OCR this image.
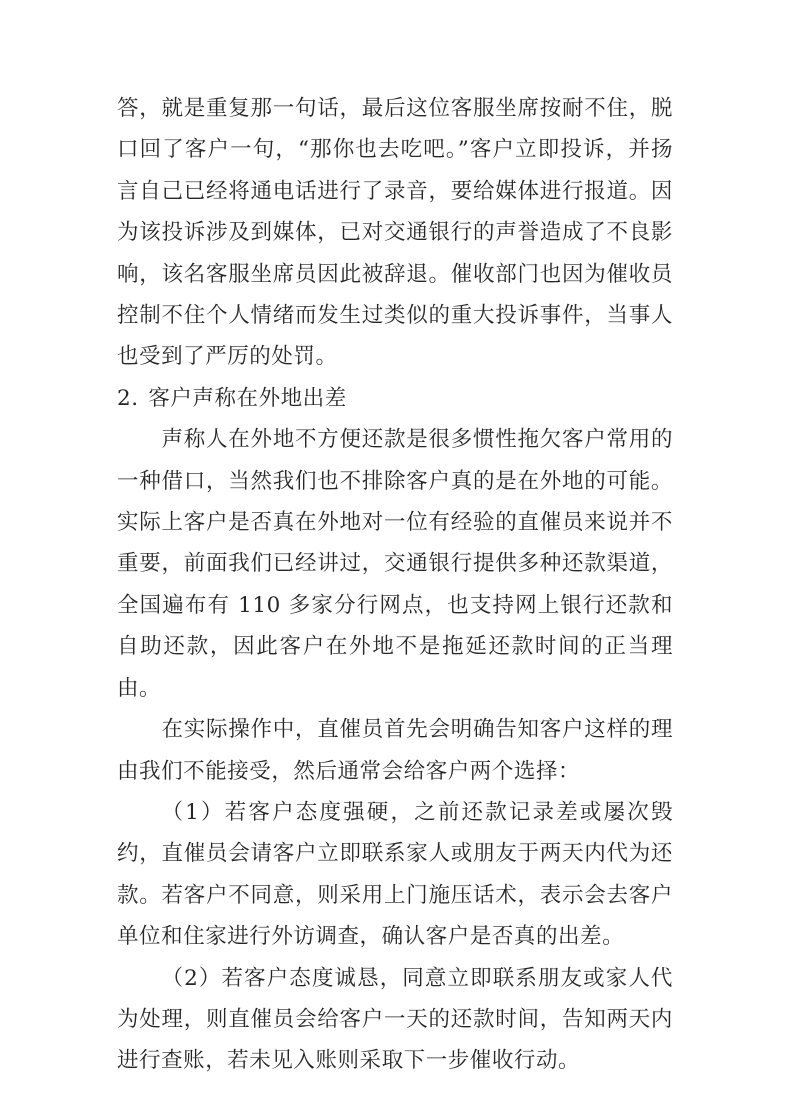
答，就是重复那一句话，最后这位客服坐席按耐不住，脱口回了客户一句，“那你也去吃吧。”客户立即投诉，并扬言自己已经将通电话进行了录音，要给媒体进行报道。因为该投诉涉及到媒体，已对交通银行的声誉造成了不良影响，该名客服坐席员因此被辞退。催收部门也因为催收员控制不住个人情绪而发生过类似的重大投诉事件，当事人也受到了严厉的处罚。

2.   客户声称在外地出差

声称人在外地不方便还款是很多惯性拖欠客户常用的一种借口，当然我们也不排除客户真的是在外地的可能。实际上客户是否真在外地对一位有经验的直催员来说并不重要，前面我们已经讲过，交通银行提供多种还款渠道，全国遍布有 110 多家分行网点，也支持网上银行还款和自助还款，因此客户在外地不是拖延还款时间的正当理由。

在实际操作中，直催员首先会明确告知客户这样的理由我们不能接受，然后通常会给客户两个选择：

（1）若客户态度强硬，之前还款记录差或屡次毁约，直催员会请客户立即联系家人或朋友于两天内代为还款。若客户不同意，则采用上门施压话术，表示会去客户单位和住家进行外访调查，确认客户是否真的出差。

（2）若客户态度诚恳，同意立即联系朋友或家人代为处理，则直催员会给客户一天的还款时间，告知两天内进行查账，若未见入账则采取下一步催收行动。
